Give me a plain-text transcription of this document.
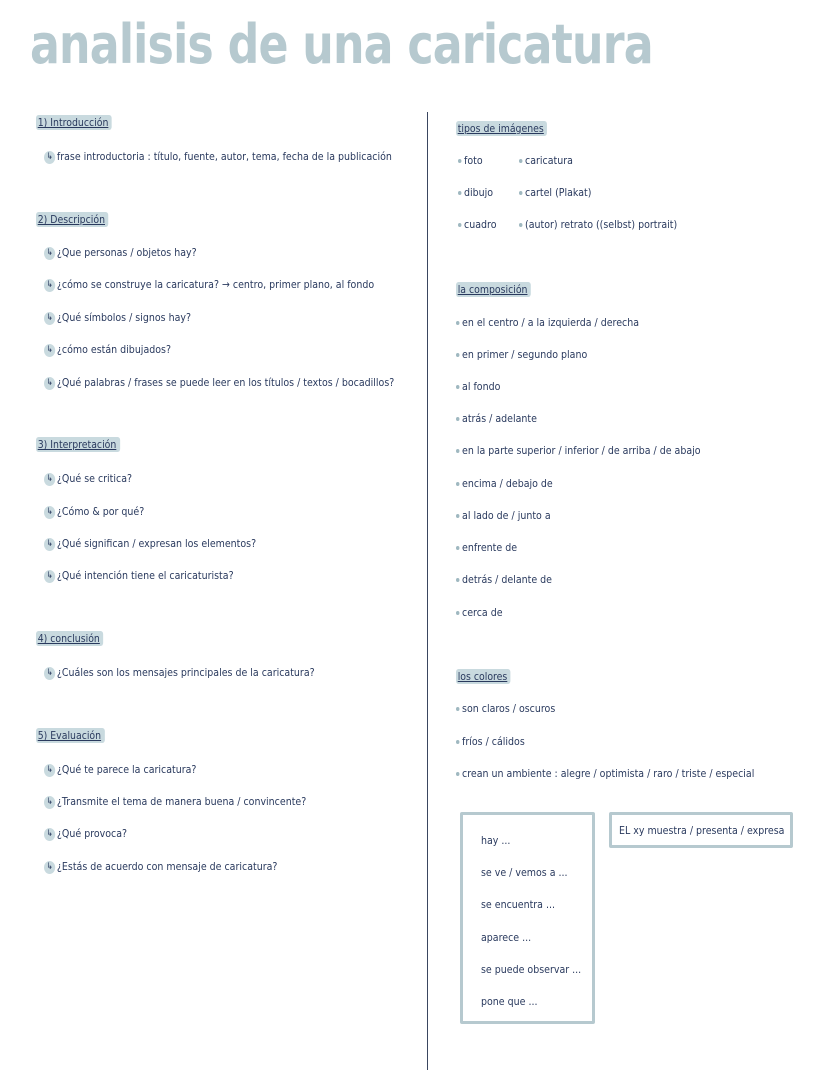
analisis de una caricatura
1) Introducción
↳ frase introductoria : título, fuente, autor, tema, fecha de la publicación
2) Descripción
↳ ¿Que personas / objetos hay?
↳ ¿cómo se construye la caricatura? → centro, primer plano, al fondo
↳ ¿Qué símbolos / signos hay?
↳ ¿cómo están dibujados?
↳ ¿Qué palabras / frases se puede leer en los títulos / textos / bocadillos?
3) Interpretación
↳ ¿Qué se critica?
↳ ¿Cómo & por qué?
↳ ¿Qué significan / expresan los elementos?
↳ ¿Qué intención tiene el caricaturista?
4) conclusión
↳ ¿Cuáles son los mensajes principales de la caricatura?
5) Evaluación
↳ ¿Qué te parece la caricatura?
↳ ¿Transmite el tema de manera buena / convincente?
↳ ¿Qué provoca?
↳ ¿Estás de acuerdo con mensaje de caricatura?
tipos de imágenes
foto
dibujo
cuadro
caricatura
cartel (Plakat)
(autor) retrato ((selbst) portrait)
la composición
en el centro / a la izquierda / derecha
en primer / segundo plano
al fondo
atrás / adelante
en la parte superior / inferior / de arriba / de abajo
encima / debajo de
al lado de / junto a
enfrente de
detrás / delante de
cerca de
los colores
son claros / oscuros
fríos / cálidos
crean un ambiente : alegre / optimista / raro / triste / especial
hay ...
se ve / vemos a ...
se encuentra ...
aparece ...
se puede observar ...
pone que ...
EL xy muestra / presenta / expresa
